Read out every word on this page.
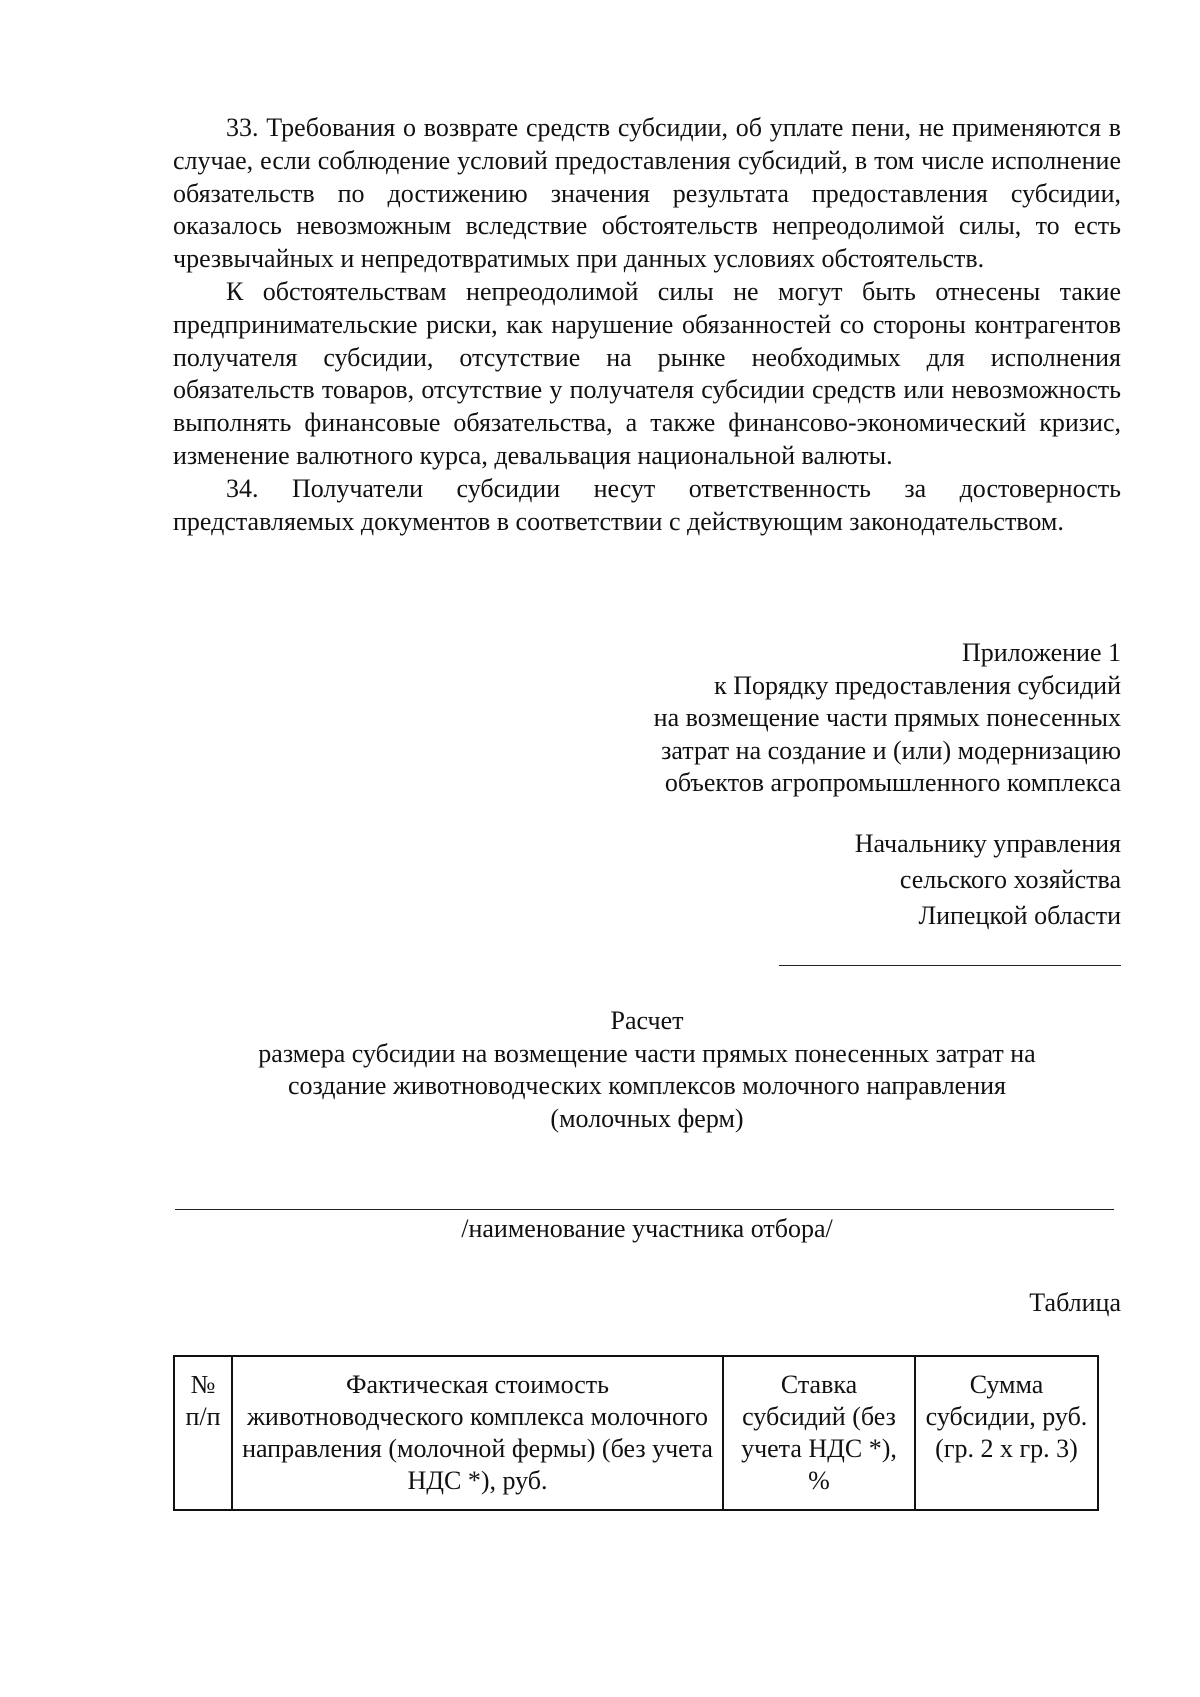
33. Требования о возврате средств субсидии, об уплате пени, не применяются в случае, если соблюдение условий предоставления субсидий, в том числе исполнение обязательств по достижению значения результата предоставления субсидии, оказалось невозможным вследствие обстоятельств непреодолимой силы, то есть чрезвычайных и непредотвратимых при данных условиях обстоятельств.

К обстоятельствам непреодолимой силы не могут быть отнесены такие предпринимательские риски, как нарушение обязанностей со стороны контрагентов получателя субсидии, отсутствие на рынке необходимых для исполнения обязательств товаров, отсутствие у получателя субсидии средств или невозможность выполнять финансовые обязательства, а также финансово-экономический кризис, изменение валютного курса, девальвация национальной валюты.

34. Получатели субсидии несут ответственность за достоверность представляемых документов в соответствии с действующим законодательством.

Приложение 1
к Порядку предоставления субсидий
на возмещение части прямых понесенных
затрат на создание и (или) модернизацию
объектов агропромышленного комплекса
Начальнику управления
сельского хозяйства
Липецкой области
Расчет
размера субсидии на возмещение части прямых понесенных затрат на
создание животноводческих комплексов молочного направления
(молочных ферм)
/наименование участника отбора/
Таблица
№ п/п	Фактическая стоимость животноводческого комплекса молочного направления (молочной фермы) (без учета НДС *), руб.	Ставка субсидий (без учета НДС *), %	Сумма субсидии, руб. (гр. 2 х гр. 3)
